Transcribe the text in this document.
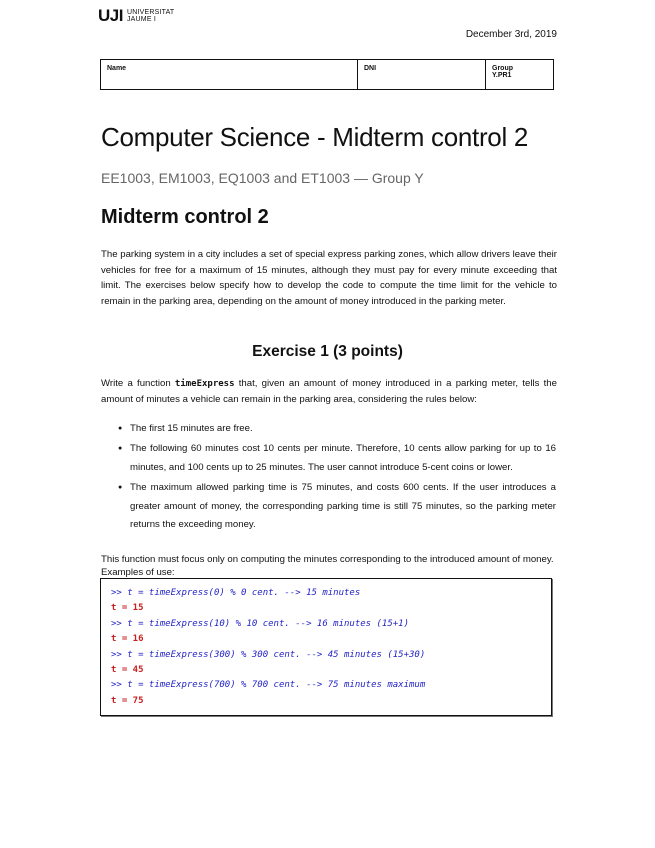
UJI UNIVERSITAT
JAUME I
December 3rd, 2019
Name	DNI	Group
Y.PR1
Computer Science - Midterm control 2
EE1003, EM1003, EQ1003 and ET1003 — Group Y
Midterm control 2

The parking system in a city includes a set of special express parking zones, which allow drivers leave their vehicles for free for a maximum of 15 minutes, although they must pay for every minute exceeding that limit. The exercises below specify how to develop the code to compute the time limit for the vehicle to remain in the parking area, depending on the amount of money introduced in the parking meter.

Exercise 1 (3 points)

Write a function timeExpress that, given an amount of money introduced in a parking meter, tells the amount of minutes a vehicle can remain in the parking area, considering the rules below:

● The first 15 minutes are free.
● The following 60 minutes cost 10 cents per minute. Therefore, 10 cents allow parking for up to 16 minutes, and 100 cents up to 25 minutes. The user cannot introduce 5-cent coins or lower.
● The maximum allowed parking time is 75 minutes, and costs 600 cents. If the user introduces a greater amount of money, the corresponding parking time is still 75 minutes, so the parking meter returns the exceeding money.

This function must focus only on computing the minutes corresponding to the introduced amount of money. Examples of use:

>> t = timeExpress(0) % 0 cent. --> 15 minutes
t = 15
>> t = timeExpress(10) % 10 cent. --> 16 minutes (15+1)
t = 16
>> t = timeExpress(300) % 300 cent. --> 45 minutes (15+30)
t = 45
>> t = timeExpress(700) % 700 cent. --> 75 minutes maximum
t = 75
